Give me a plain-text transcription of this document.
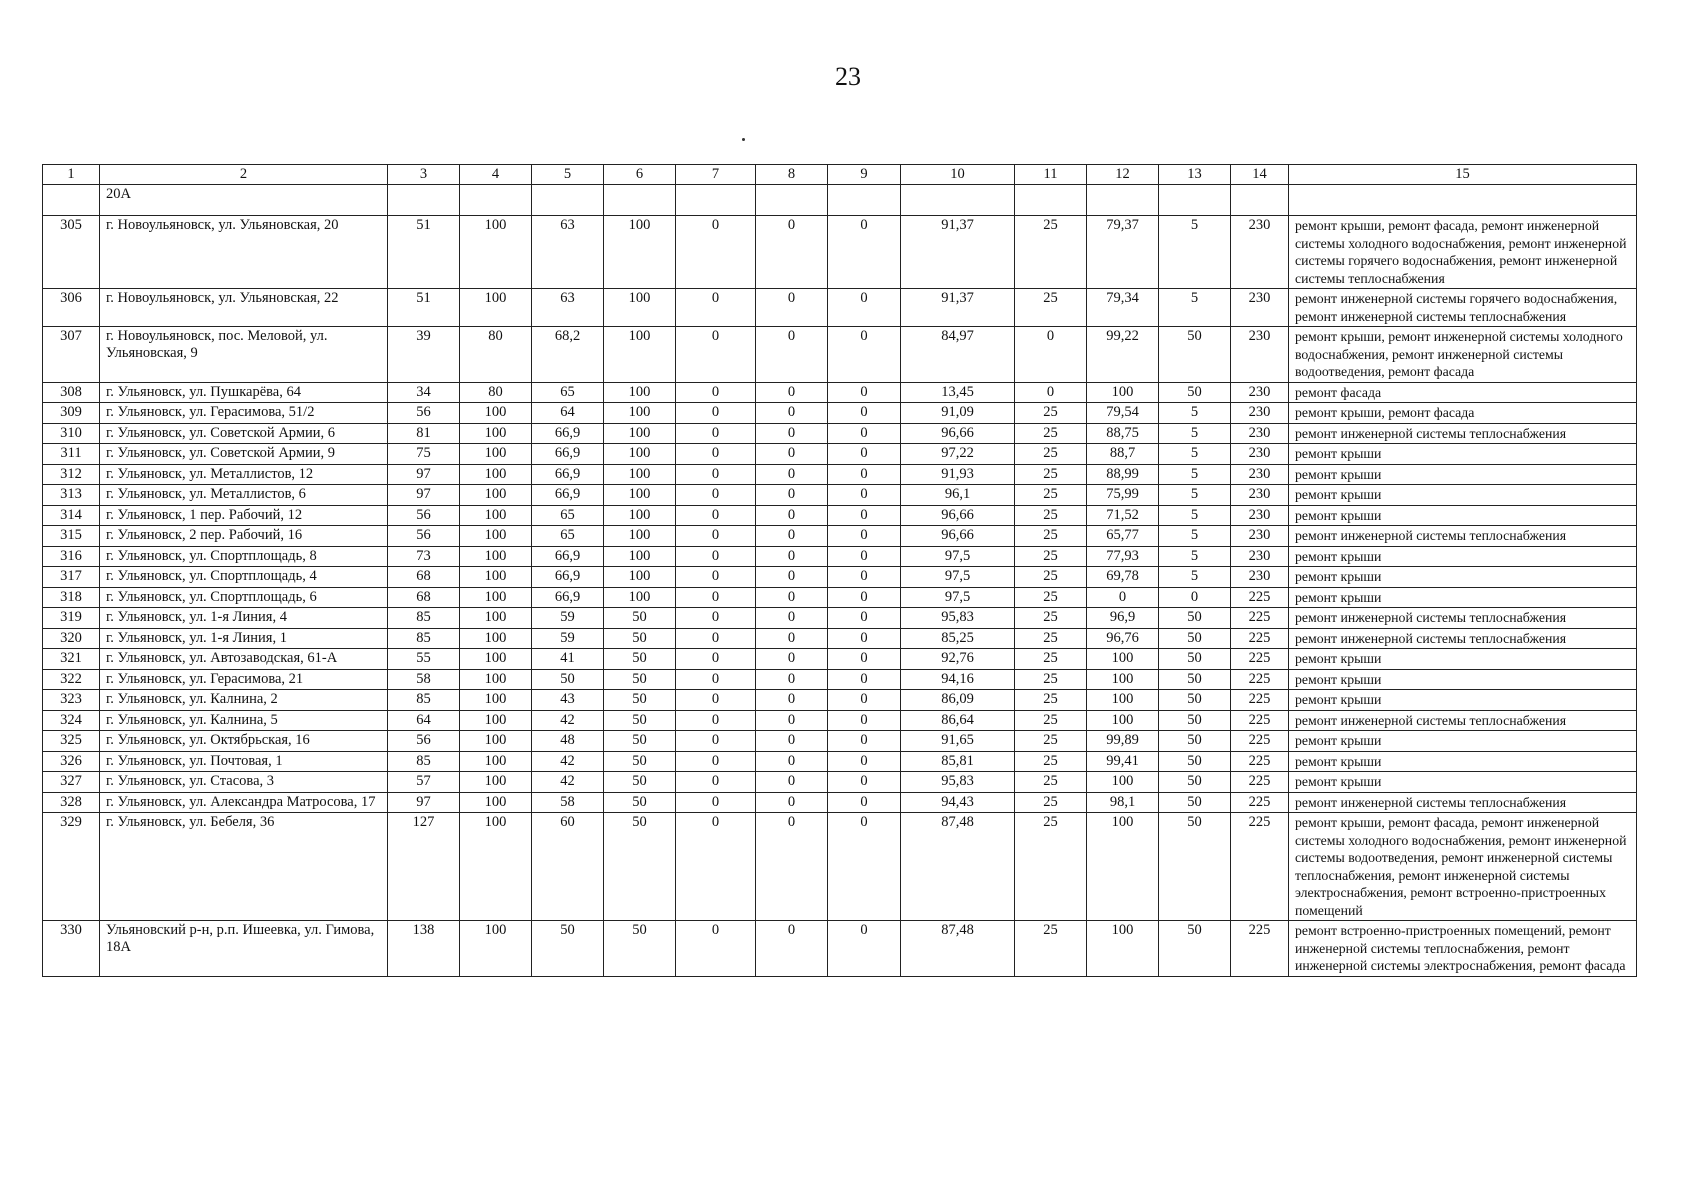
23
1	2	3	4	5	6	7	8	9	10	11	12	13	14	15
	20А													
305	г. Новоульяновск, ул. Ульяновская, 20	51	100	63	100	0	0	0	91,37	25	79,37	5	230	ремонт крыши, ремонт фасада, ремонт инженерной системы холодного водоснабжения, ремонт инженерной системы горячего водоснабжения, ремонт инженерной системы теплоснабжения
306	г. Новоульяновск, ул. Ульяновская, 22	51	100	63	100	0	0	0	91,37	25	79,34	5	230	ремонт инженерной системы горячего водоснабжения, ремонт инженерной системы теплоснабжения
307	г. Новоульяновск, пос. Меловой, ул. Ульяновская, 9	39	80	68,2	100	0	0	0	84,97	0	99,22	50	230	ремонт крыши, ремонт инженерной системы холодного водоснабжения, ремонт инженерной системы водоотведения, ремонт фасада
308	г. Ульяновск, ул. Пушкарёва, 64	34	80	65	100	0	0	0	13,45	0	100	50	230	ремонт фасада
309	г. Ульяновск, ул. Герасимова, 51/2	56	100	64	100	0	0	0	91,09	25	79,54	5	230	ремонт крыши, ремонт фасада
310	г. Ульяновск, ул. Советской Армии, 6	81	100	66,9	100	0	0	0	96,66	25	88,75	5	230	ремонт инженерной системы теплоснабжения
311	г. Ульяновск, ул. Советской Армии, 9	75	100	66,9	100	0	0	0	97,22	25	88,7	5	230	ремонт крыши
312	г. Ульяновск, ул. Металлистов, 12	97	100	66,9	100	0	0	0	91,93	25	88,99	5	230	ремонт крыши
313	г. Ульяновск, ул. Металлистов, 6	97	100	66,9	100	0	0	0	96,1	25	75,99	5	230	ремонт крыши
314	г. Ульяновск, 1 пер. Рабочий, 12	56	100	65	100	0	0	0	96,66	25	71,52	5	230	ремонт крыши
315	г. Ульяновск, 2 пер. Рабочий, 16	56	100	65	100	0	0	0	96,66	25	65,77	5	230	ремонт инженерной системы теплоснабжения
316	г. Ульяновск, ул. Спортплощадь, 8	73	100	66,9	100	0	0	0	97,5	25	77,93	5	230	ремонт крыши
317	г. Ульяновск, ул. Спортплощадь, 4	68	100	66,9	100	0	0	0	97,5	25	69,78	5	230	ремонт крыши
318	г. Ульяновск, ул. Спортплощадь, 6	68	100	66,9	100	0	0	0	97,5	25	0	0	225	ремонт крыши
319	г. Ульяновск, ул. 1-я Линия, 4	85	100	59	50	0	0	0	95,83	25	96,9	50	225	ремонт инженерной системы теплоснабжения
320	г. Ульяновск, ул. 1-я Линия, 1	85	100	59	50	0	0	0	85,25	25	96,76	50	225	ремонт инженерной системы теплоснабжения
321	г. Ульяновск, ул. Автозаводская, 61-А	55	100	41	50	0	0	0	92,76	25	100	50	225	ремонт крыши
322	г. Ульяновск, ул. Герасимова, 21	58	100	50	50	0	0	0	94,16	25	100	50	225	ремонт крыши
323	г. Ульяновск, ул. Калнина, 2	85	100	43	50	0	0	0	86,09	25	100	50	225	ремонт крыши
324	г. Ульяновск, ул. Калнина, 5	64	100	42	50	0	0	0	86,64	25	100	50	225	ремонт инженерной системы теплоснабжения
325	г. Ульяновск, ул. Октябрьская, 16	56	100	48	50	0	0	0	91,65	25	99,89	50	225	ремонт крыши
326	г. Ульяновск, ул. Почтовая, 1	85	100	42	50	0	0	0	85,81	25	99,41	50	225	ремонт крыши
327	г. Ульяновск, ул. Стасова, 3	57	100	42	50	0	0	0	95,83	25	100	50	225	ремонт крыши
328	г. Ульяновск, ул. Александра Матросова, 17	97	100	58	50	0	0	0	94,43	25	98,1	50	225	ремонт инженерной системы теплоснабжения
329	г. Ульяновск, ул. Бебеля, 36	127	100	60	50	0	0	0	87,48	25	100	50	225	ремонт крыши, ремонт фасада, ремонт инженерной системы холодного водоснабжения, ремонт инженерной системы водоотведения, ремонт инженерной системы теплоснабжения, ремонт инженерной системы электроснабжения, ремонт встроенно-пристроенных помещений
330	Ульяновский р-н, р.п. Ишеевка, ул. Гимова, 18А	138	100	50	50	0	0	0	87,48	25	100	50	225	ремонт встроенно-пристроенных помещений, ремонт инженерной системы теплоснабжения, ремонт инженерной системы электроснабжения, ремонт фасада
